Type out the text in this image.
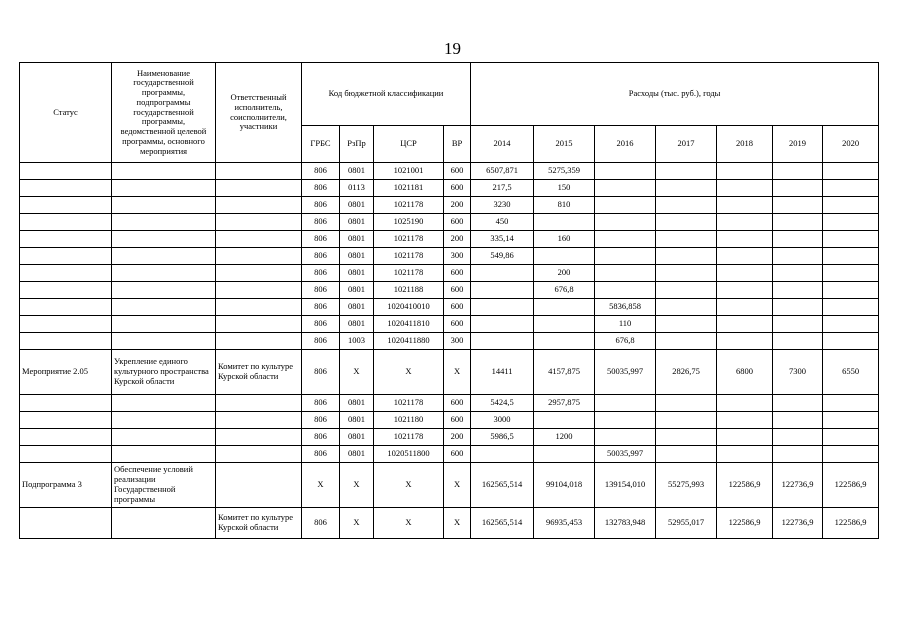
19
Статус	Наименование государственной программы, подпрограммы государственной программы, ведомственной целевой программы, основного мероприятия	Ответственный исполнитель, соисполнители, участники	Код бюджетной классификации				Расходы (тыс. руб.), годы						
			ГРБС	РзПр	ЦСР	ВР	2014	2015	2016	2017	2018	2019	2020
			806	0801	1021001	600	6507,871	5275,359					
			806	0113	1021181	600	217,5	150					
			806	0801	1021178	200	3230	810					
			806	0801	1025190	600	450						
			806	0801	1021178	200	335,14	160					
			806	0801	1021178	300	549,86						
			806	0801	1021178	600		200					
			806	0801	1021188	600		676,8					
			806	0801	1020410010	600			5836,858				
			806	0801	1020411810	600			110				
			806	1003	1020411880	300			676,8				
Мероприятие 2.05	Укрепление единого культурного пространства Курской области	Комитет по культуре Курской области	806	Х	Х	Х	14411	4157,875	50035,997	2826,75	6800	7300	6550
			806	0801	1021178	600	5424,5	2957,875					
			806	0801	1021180	600	3000						
			806	0801	1021178	200	5986,5	1200					
			806	0801	1020511800	600			50035,997				
Подпрограмма 3	Обеспечение условий реализации Государственной программы		Х	Х	Х	Х	162565,514	99104,018	139154,010	55275,993	122586,9	122736,9	122586,9
		Комитет по культуре Курской области	806	Х	Х	Х	162565,514	96935,453	132783,948	52955,017	122586,9	122736,9	122586,9
